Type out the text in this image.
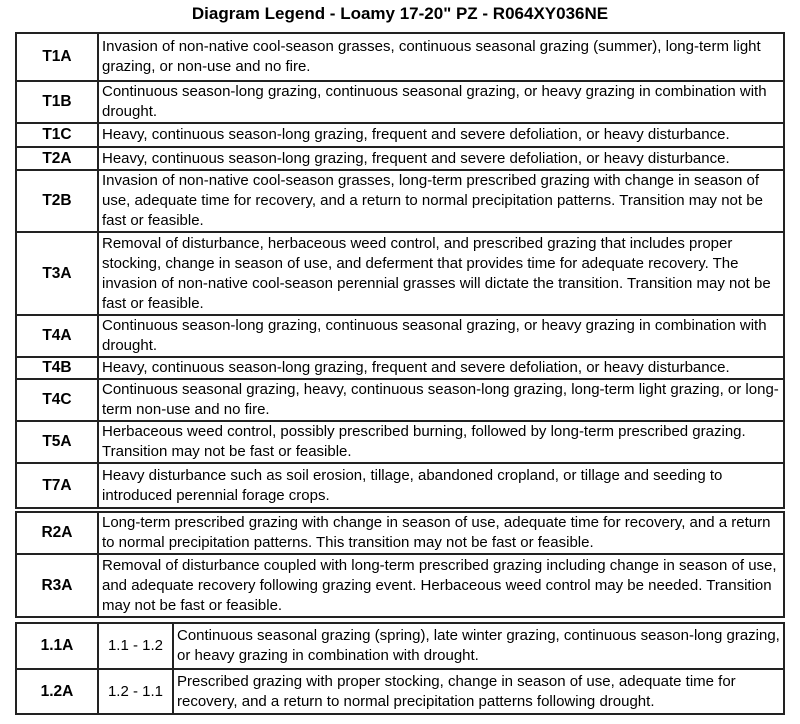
Diagram Legend - Loamy 17-20" PZ - R064XY036NE
T1A	Invasion of non-native cool-season grasses, continuous seasonal grazing (summer), long-term light grazing, or non-use and no fire.
T1B	Continuous season-long grazing, continuous seasonal grazing, or heavy grazing in combination with drought.
T1C	Heavy, continuous season-long grazing, frequent and severe defoliation, or heavy disturbance.
T2A	Heavy, continuous season-long grazing, frequent and severe defoliation, or heavy disturbance.
T2B	Invasion of non-native cool-season grasses, long-term prescribed grazing with change in season of use, adequate time for recovery, and a return to normal precipitation patterns. Transition may not be fast or feasible.
T3A	Removal of disturbance, herbaceous weed control, and prescribed grazing that includes proper stocking, change in season of use, and deferment that provides time for adequate recovery. The invasion of non-native cool-season perennial grasses will dictate the transition. Transition may not be fast or feasible.
T4A	Continuous season-long grazing, continuous seasonal grazing, or heavy grazing in combination with drought.
T4B	Heavy, continuous season-long grazing, frequent and severe defoliation, or heavy disturbance.
T4C	Continuous seasonal grazing, heavy, continuous season-long grazing, long-term light grazing, or long-term non-use and no fire.
T5A	Herbaceous weed control, possibly prescribed burning, followed by long-term prescribed grazing. Transition may not be fast or feasible.
T7A	Heavy disturbance such as soil erosion, tillage, abandoned cropland, or tillage and seeding to introduced perennial forage crops.
R2A	Long-term prescribed grazing with change in season of use, adequate time for recovery, and a return to normal precipitation patterns. This transition may not be fast or feasible.
R3A	Removal of disturbance coupled with long-term prescribed grazing including change in season of use, and adequate recovery following grazing event. Herbaceous weed control may be needed. Transition may not be fast or feasible.
1.1A	1.1 - 1.2	Continuous seasonal grazing (spring), late winter grazing, continuous season-long grazing, or heavy grazing in combination with drought.
1.2A	1.2 - 1.1	Prescribed grazing with proper stocking, change in season of use, adequate time for recovery, and a return to normal precipitation patterns following drought.
